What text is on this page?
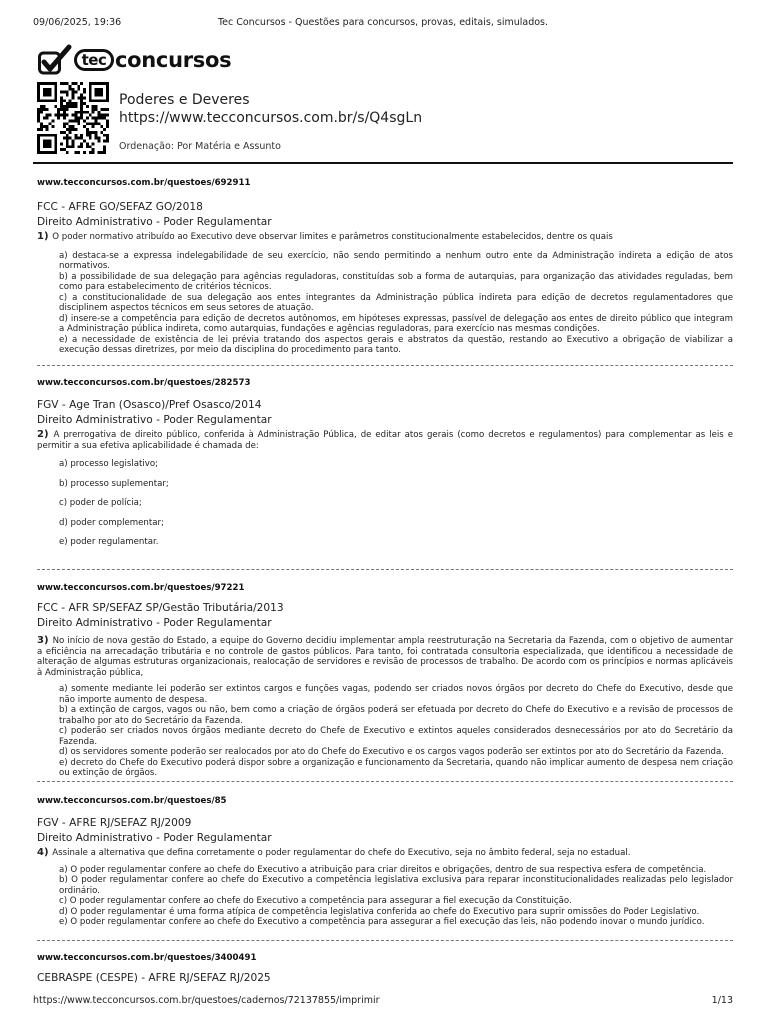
09/06/2025, 19:36	Tec Concursos - Questões para concursos, provas, editais, simulados.
tec concursos
Poderes e Deveres
https://www.tecconcursos.com.br/s/Q4sgLn
Ordenação: Por Matéria e Assunto
www.tecconcursos.com.br/questoes/692911
FCC - AFRE GO/SEFAZ GO/2018
Direito Administrativo - Poder Regulamentar
1) O poder normativo atribuído ao Executivo deve observar limites e parâmetros constitucionalmente estabelecidos, dentre os quais
a) destaca-se a expressa indelegabilidade de seu exercício, não sendo permitindo a nenhum outro ente da Administração indireta a edição de atos normativos.
b) a possibilidade de sua delegação para agências reguladoras, constituídas sob a forma de autarquias, para organização das atividades reguladas, bem como para estabelecimento de critérios técnicos.
c) a constitucionalidade de sua delegação aos entes integrantes da Administração pública indireta para edição de decretos regulamentadores que disciplinem aspectos técnicos em seus setores de atuação.
d) insere-se a competência para edição de decretos autônomos, em hipóteses expressas, passível de delegação aos entes de direito público que integram a Administração pública indireta, como autarquias, fundações e agências reguladoras, para exercício nas mesmas condições.
e) a necessidade de existência de lei prévia tratando dos aspectos gerais e abstratos da questão, restando ao Executivo a obrigação de viabilizar a execução dessas diretrizes, por meio da disciplina do procedimento para tanto.
www.tecconcursos.com.br/questoes/282573
FGV - Age Tran (Osasco)/Pref Osasco/2014
Direito Administrativo - Poder Regulamentar
2) A prerrogativa de direito público, conferida à Administração Pública, de editar atos gerais (como decretos e regulamentos) para complementar as leis e permitir a sua efetiva aplicabilidade é chamada de:
a) processo legislativo;
b) processo suplementar;
c) poder de polícia;
d) poder complementar;
e) poder regulamentar.
www.tecconcursos.com.br/questoes/97221
FCC - AFR SP/SEFAZ SP/Gestão Tributária/2013
Direito Administrativo - Poder Regulamentar
3) No início de nova gestão do Estado, a equipe do Governo decidiu implementar ampla reestruturação na Secretaria da Fazenda, com o objetivo de aumentar a eficiência na arrecadação tributária e no controle de gastos públicos. Para tanto, foi contratada consultoria especializada, que identificou a necessidade de alteração de algumas estruturas organizacionais, realocação de servidores e revisão de processos de trabalho. De acordo com os princípios e normas aplicáveis à Administração pública,
a) somente mediante lei poderão ser extintos cargos e funções vagas, podendo ser criados novos órgãos por decreto do Chefe do Executivo, desde que não importe aumento de despesa.
b) a extinção de cargos, vagos ou não, bem como a criação de órgãos poderá ser efetuada por decreto do Chefe do Executivo e a revisão de processos de trabalho por ato do Secretário da Fazenda.
c) poderão ser criados novos órgãos mediante decreto do Chefe de Executivo e extintos aqueles considerados desnecessários por ato do Secretário da Fazenda.
d) os servidores somente poderão ser realocados por ato do Chefe do Executivo e os cargos vagos poderão ser extintos por ato do Secretário da Fazenda.
e) decreto do Chefe do Executivo poderá dispor sobre a organização e funcionamento da Secretaria, quando não implicar aumento de despesa nem criação ou extinção de órgãos.
www.tecconcursos.com.br/questoes/85
FGV - AFRE RJ/SEFAZ RJ/2009
Direito Administrativo - Poder Regulamentar
4) Assinale a alternativa que defina corretamente o poder regulamentar do chefe do Executivo, seja no âmbito federal, seja no estadual.
a) O poder regulamentar confere ao chefe do Executivo a atribuição para criar direitos e obrigações, dentro de sua respectiva esfera de competência.
b) O poder regulamentar confere ao chefe do Executivo a competência legislativa exclusiva para reparar inconstitucionalidades realizadas pelo legislador ordinário.
c) O poder regulamentar confere ao chefe do Executivo a competência para assegurar a fiel execução da Constituição.
d) O poder regulamentar é uma forma atípica de competência legislativa conferida ao chefe do Executivo para suprir omissões do Poder Legislativo.
e) O poder regulamentar confere ao chefe do Executivo a competência para assegurar a fiel execução das leis, não podendo inovar o mundo jurídico.
www.tecconcursos.com.br/questoes/3400491
CEBRASPE (CESPE) - AFRE RJ/SEFAZ RJ/2025
https://www.tecconcursos.com.br/questoes/cadernos/72137855/imprimir	1/13
